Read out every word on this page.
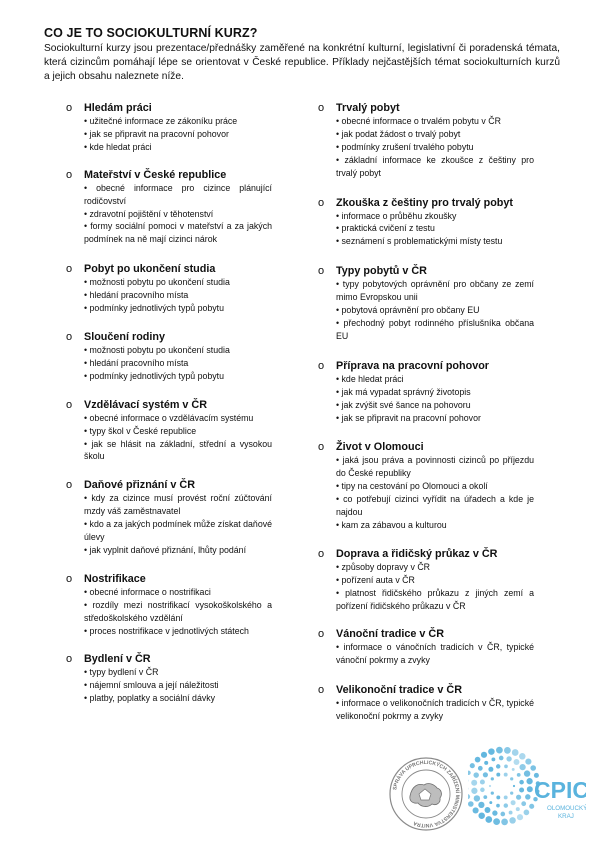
CO JE TO SOCIOKULTURNÍ KURZ?
Sociokulturní kurzy jsou prezentace/přednášky zaměřené na konkrétní kulturní, legislativní či poradenská témata, která cizincům pomáhají lépe se orientovat v České republice. Příklady nejčastějších témat sociokulturních kurzů a jejich obsahu naleznete níže.
o Hledám práci
• užitečné informace ze zákoníku práce
• jak se připravit na pracovní pohovor
• kde hledat práci
o Mateřství v České republice
• obecné informace pro cizince plánující rodičovství
• zdravotní pojištění v těhotenství
• formy sociální pomoci v mateřství a za jakých podmínek na ně mají cizinci nárok
o Pobyt po ukončení studia
• možnosti pobytu po ukončení studia
• hledání pracovního místa
• podmínky jednotlivých typů pobytu
o Sloučení rodiny
• možnosti pobytu po ukončení studia
• hledání pracovního místa
• podmínky jednotlivých typů pobytu
o Vzdělávací systém v ČR
• obecné informace o vzdělávacím systému
• typy škol v České republice
• jak se hlásit na základní, střední a vysokou školu
o Daňové přiznání v ČR
• kdy za cizince musí provést roční zúčtování mzdy váš zaměstnavatel
• kdo a za jakých podmínek může získat daňové úlevy
• jak vyplnit daňové přiznání, lhůty podání
o Nostrifikace
• obecné informace o nostrifikaci
• rozdíly mezi nostrifikací vysokoškolského a středoškolského vzdělání
• proces nostrifikace v jednotlivých státech
o Bydlení v ČR
• typy bydlení v ČR
• nájemní smlouva a její náležitosti
• platby, poplatky a sociální dávky
o Trvalý pobyt
• obecné informace o trvalém pobytu v ČR
• jak podat žádost o trvalý pobyt
• podmínky zrušení trvalého pobytu
• základní informace ke zkoušce z češtiny pro trvalý pobyt
o Zkouška z češtiny pro trvalý pobyt
• informace o průběhu zkoušky
• praktická cvičení z testu
• seznámení s problematickými místy testu
o Typy pobytů v ČR
• typy pobytových oprávnění pro občany ze zemí mimo Evropskou unii
• pobytová oprávnění pro občany EU
• přechodný pobyt rodinného příslušníka občana EU
o Příprava na pracovní pohovor
• kde hledat práci
• jak má vypadat správný životopis
• jak zvýšit své šance na pohovoru
• jak se připravit na pracovní pohovor
o Život v Olomouci
• jaká jsou práva a povinnosti cizinců po příjezdu do České republiky
• tipy na cestování po Olomouci a okolí
• co potřebují cizinci vyřídit na úřadech a kde je najdou
• kam za zábavou a kulturou
o Doprava a řidičský průkaz v ČR
• způsoby dopravy v ČR
• pořízení auta v ČR
• platnost řidičského průkazu z jiných zemí a pořízení řidičského průkazu v ČR
o Vánoční tradice v ČR
• informace o vánočních tradicích v ČR, typické vánoční pokrmy a zvyky
o Velikonoční tradice v ČR
• informace o velikonočních tradicích v ČR, typické velikonoční pokrmy a zvyky
SPRÁVA UPRCHLICKÝCH ZAŘÍZENÍ MINISTERSTVA VNITRA
CPIC
OLOMOUCKÝ
KRAJ
